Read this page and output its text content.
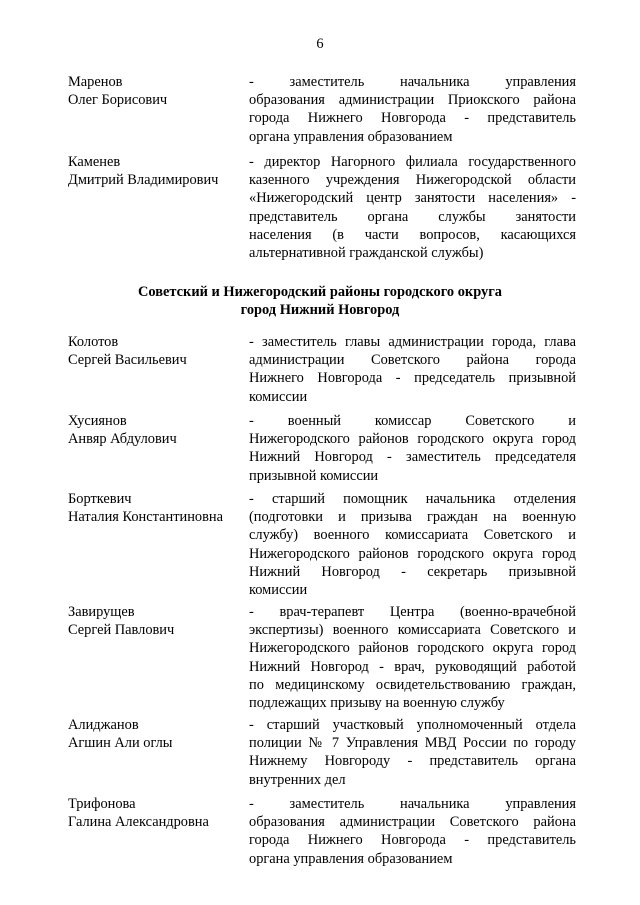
6
Маренов
Олег Борисович
- заместитель начальника управления
образования администрации Приокского района
города Нижнего Новгорода - представитель
органа управления образованием
Каменев
Дмитрий Владимирович
- директор Нагорного филиала государственного
казенного учреждения Нижегородской области
«Нижегородский центр занятости населения» -
представитель органа службы занятости
населения (в части вопросов, касающихся
альтернативной гражданской службы)
Советский и Нижегородский районы городского округа
город Нижний Новгород
Колотов
Сергей Васильевич
- заместитель главы администрации города, глава
администрации Советского района города
Нижнего Новгорода - председатель призывной
комиссии
Хусиянов
Анвяр Абдулович
- военный комиссар Советского и
Нижегородского районов городского округа город
Нижний Новгород - заместитель председателя
призывной комиссии
Борткевич
Наталия Константиновна
- старший помощник начальника отделения
(подготовки и призыва граждан на военную
службу) военного комиссариата Советского и
Нижегородского районов городского округа город
Нижний Новгород - секретарь призывной
комиссии
Завирущев
Сергей Павлович
- врач-терапевт Центра (военно-врачебной
экспертизы) военного комиссариата Советского и
Нижегородского районов городского округа город
Нижний Новгород - врач, руководящий работой
по медицинскому освидетельствованию граждан,
подлежащих призыву на военную службу
Алиджанов
Агшин Али оглы
- старший участковый уполномоченный отдела
полиции № 7 Управления МВД России по городу
Нижнему Новгороду - представитель органа
внутренних дел
Трифонова
Галина Александровна
- заместитель начальника управления
образования администрации Советского района
города Нижнего Новгорода - представитель
органа управления образованием
